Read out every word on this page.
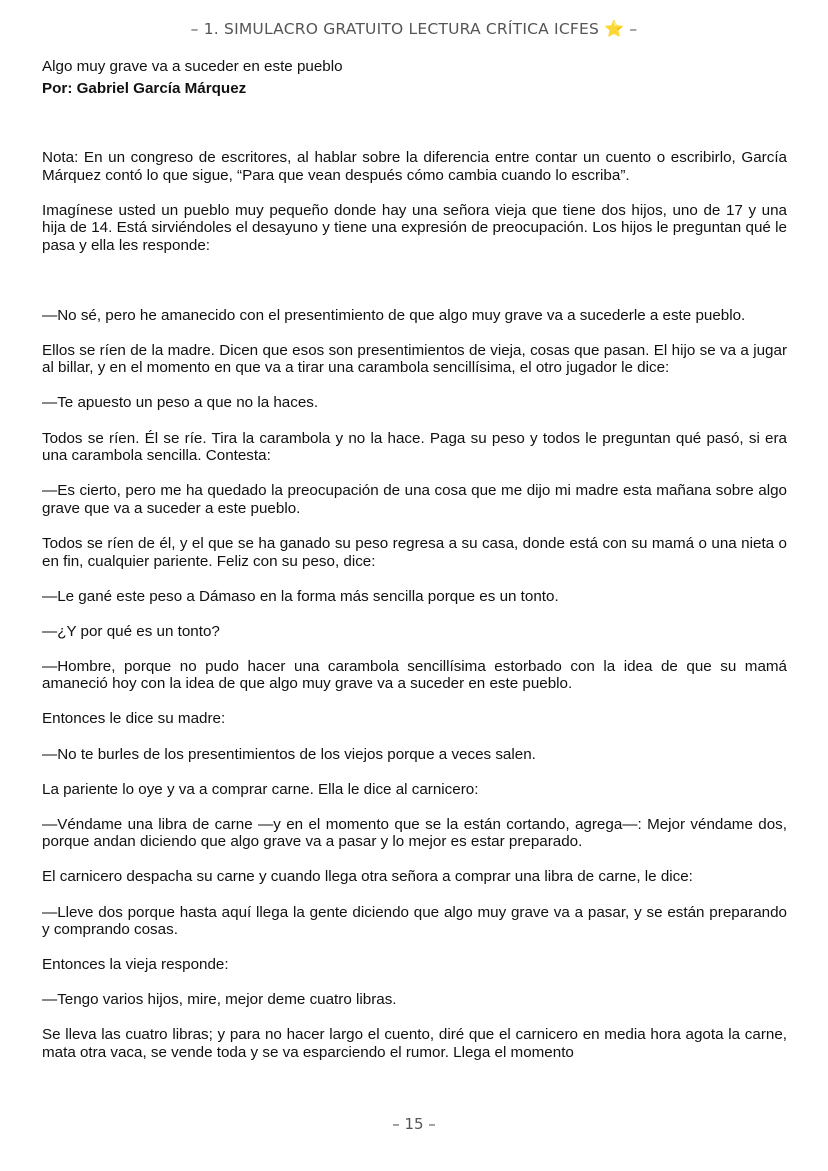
– 1. SIMULACRO GRATUITO LECTURA CRÍTICA ICFES ⭐ –

Algo muy grave va a suceder en este pueblo

Por: Gabriel García Márquez

Nota: En un congreso de escritores, al hablar sobre la diferencia entre contar un cuento o escribirlo, García Márquez contó lo que sigue, “Para que vean después cómo cambia cuando lo escriba”.

Imagínese usted un pueblo muy pequeño donde hay una señora vieja que tiene dos hijos, uno de 17 y una hija de 14. Está sirviéndoles el desayuno y tiene una expresión de preocupación. Los hijos le preguntan qué le pasa y ella les responde:

—No sé, pero he amanecido con el presentimiento de que algo muy grave va a sucederle a este pueblo.

Ellos se ríen de la madre. Dicen que esos son presentimientos de vieja, cosas que pasan. El hijo se va a jugar al billar, y en el momento en que va a tirar una carambola sencillísima, el otro jugador le dice:

—Te apuesto un peso a que no la haces.

Todos se ríen. Él se ríe. Tira la carambola y no la hace. Paga su peso y todos le preguntan qué pasó, si era una carambola sencilla. Contesta:

—Es cierto, pero me ha quedado la preocupación de una cosa que me dijo mi madre esta mañana sobre algo grave que va a suceder a este pueblo.

Todos se ríen de él, y el que se ha ganado su peso regresa a su casa, donde está con su mamá o una nieta o en fin, cualquier pariente. Feliz con su peso, dice:

—Le gané este peso a Dámaso en la forma más sencilla porque es un tonto.

—¿Y por qué es un tonto?

—Hombre, porque no pudo hacer una carambola sencillísima estorbado con la idea de que su mamá amaneció hoy con la idea de que algo muy grave va a suceder en este pueblo.

Entonces le dice su madre:

—No te burles de los presentimientos de los viejos porque a veces salen.

La pariente lo oye y va a comprar carne. Ella le dice al carnicero:

—Véndame una libra de carne —y en el momento que se la están cortando, agrega—: Mejor véndame dos, porque andan diciendo que algo grave va a pasar y lo mejor es estar preparado.

El carnicero despacha su carne y cuando llega otra señora a comprar una libra de carne, le dice:

—Lleve dos porque hasta aquí llega la gente diciendo que algo muy grave va a pasar, y se están preparando y comprando cosas.

Entonces la vieja responde:

—Tengo varios hijos, mire, mejor deme cuatro libras.

Se lleva las cuatro libras; y para no hacer largo el cuento, diré que el carnicero en media hora agota la carne, mata otra vaca, se vende toda y se va esparciendo el rumor. Llega el momento

– 15 –
